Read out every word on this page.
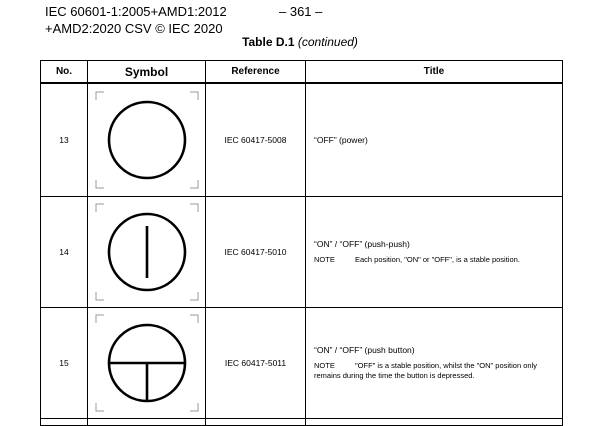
IEC 60601-1:2005+AMD1:2012
+AMD2:2020 CSV © IEC 2020
– 361 –
Table D.1 (continued)
No.	Symbol	Reference	Title
13		IEC 60417-5008	“OFF” (power)

14		IEC 60417-5010	“ON” / “OFF” (push-push)
NOTE Each position, "ON" or "OFF", is a stable position.

15		IEC 60417-5011	“ON” / “OFF” (push button)
NOTE "OFF" is a stable position, whilst the "ON" position only remains during the time the button is depressed.
